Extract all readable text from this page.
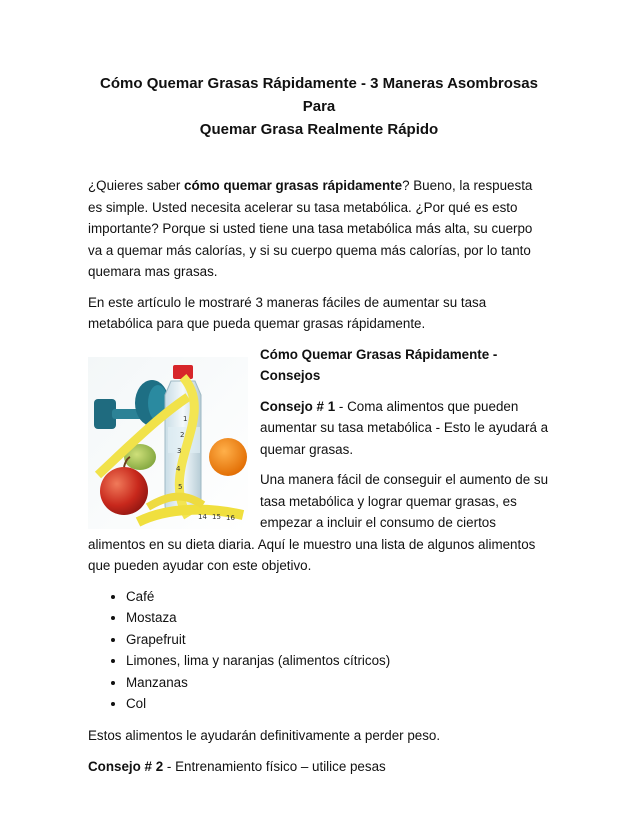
Cómo Quemar Grasas Rápidamente - 3 Maneras Asombrosas Para
Quemar Grasa Realmente Rápido

¿Quieres saber cómo quemar grasas rápidamente? Bueno, la respuesta es simple. Usted necesita acelerar su tasa metabólica. ¿Por qué es esto importante? Porque si usted tiene una tasa metabólica más alta, su cuerpo va a quemar más calorías, y si su cuerpo quema más calorías, por lo tanto quemara mas grasas.

En este artículo le mostraré 3 maneras fáciles de aumentar su tasa metabólica para que pueda quemar grasas rápidamente.

14 15 16
1
2
3
4
5

Cómo Quemar Grasas Rápidamente - Consejos

Consejo # 1 - Coma alimentos que pueden aumentar su tasa metabólica - Esto le ayudará a quemar grasas.

Una manera fácil de conseguir el aumento de su tasa metabólica y lograr quemar grasas, es empezar a incluir el consumo de ciertos alimentos en su dieta diaria. Aquí le muestro una lista de algunos alimentos que pueden ayudar con este objetivo.

• Café
• Mostaza
• Grapefruit
• Limones, lima y naranjas (alimentos cítricos)
• Manzanas
• Col

Estos alimentos le ayudarán definitivamente a perder peso.

Consejo # 2 - Entrenamiento físico – utilice pesas
